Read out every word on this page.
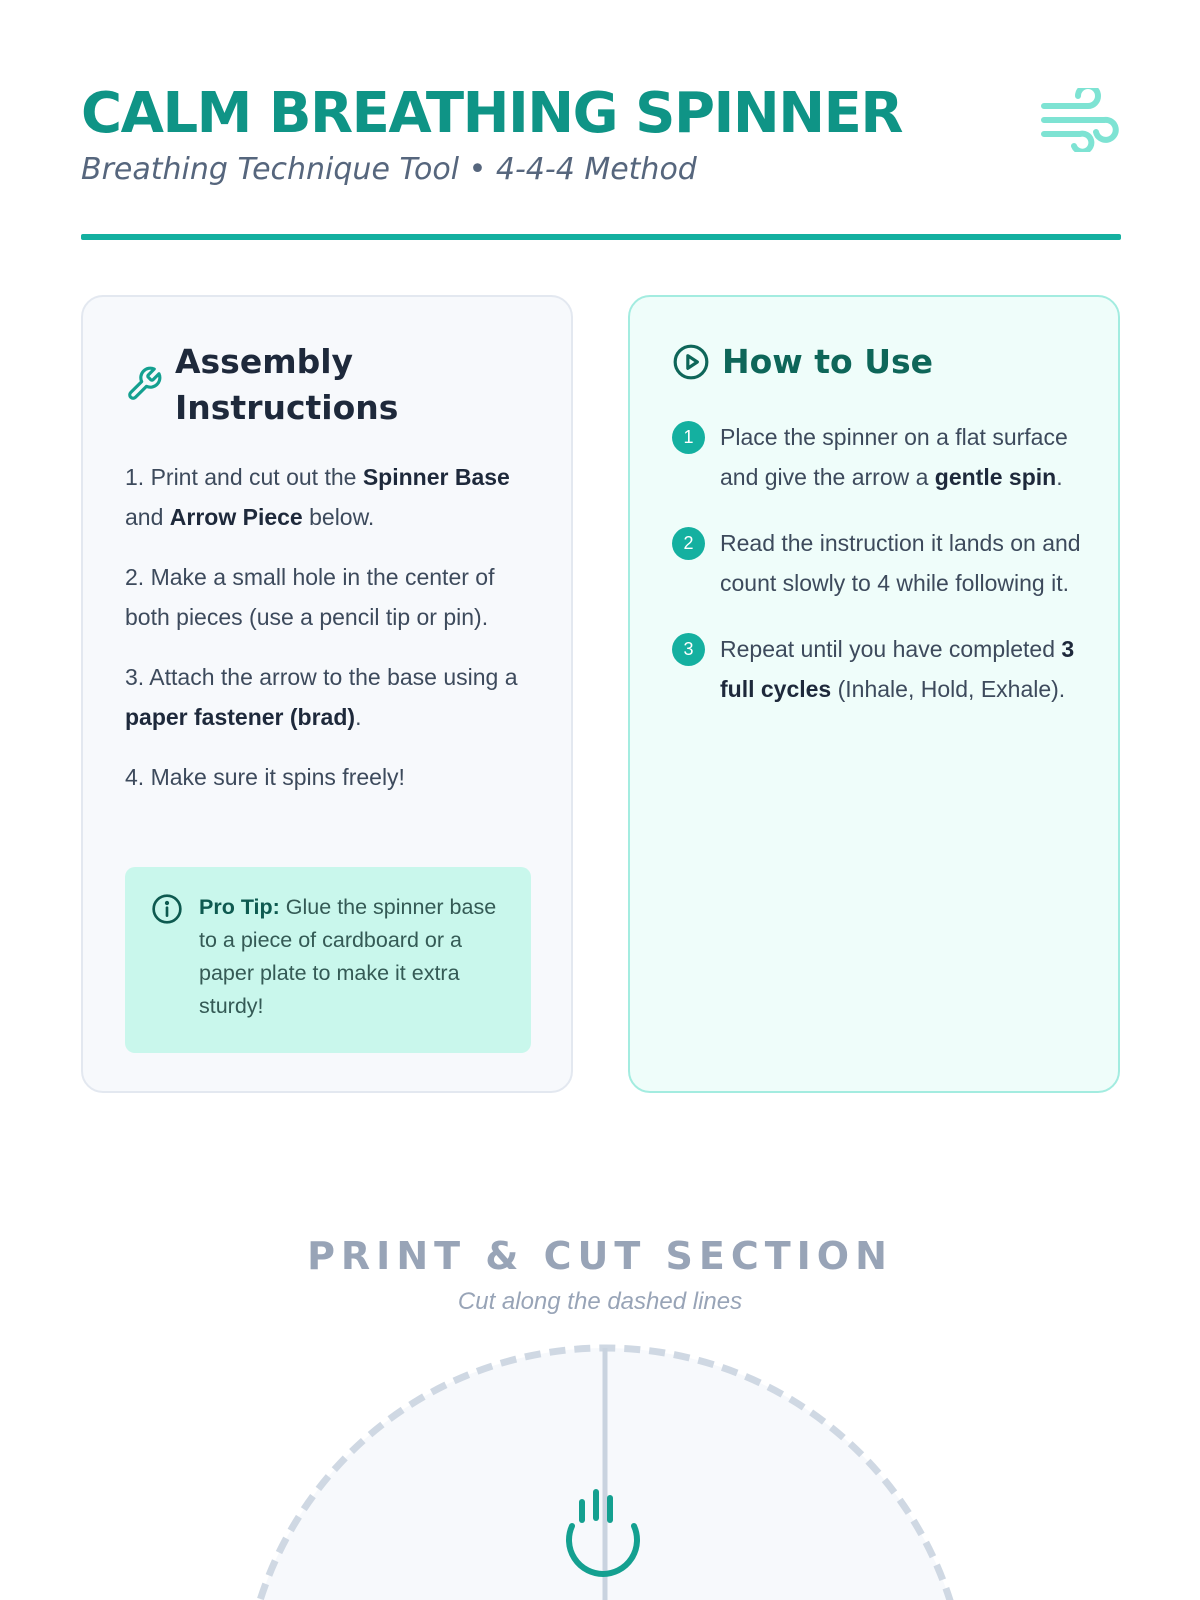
CALM BREATHING SPINNER
Breathing Technique Tool • 4-4-4 Method
Assembly Instructions

1. Print and cut out the Spinner Base and Arrow Piece below.

2. Make a small hole in the center of both pieces (use a pencil tip or pin).

3. Attach the arrow to the base using a paper fastener (brad).

4. Make sure it spins freely!

Pro Tip: Glue the spinner base to a piece of cardboard or a paper plate to make it extra sturdy!
How to Use
1	Place the spinner on a flat surface and give the arrow a gentle spin.
2	Read the instruction it lands on and count slowly to 4 while following it.
3	Repeat until you have completed 3 full cycles (Inhale, Hold, Exhale).
PRINT & CUT SECTION
Cut along the dashed lines
